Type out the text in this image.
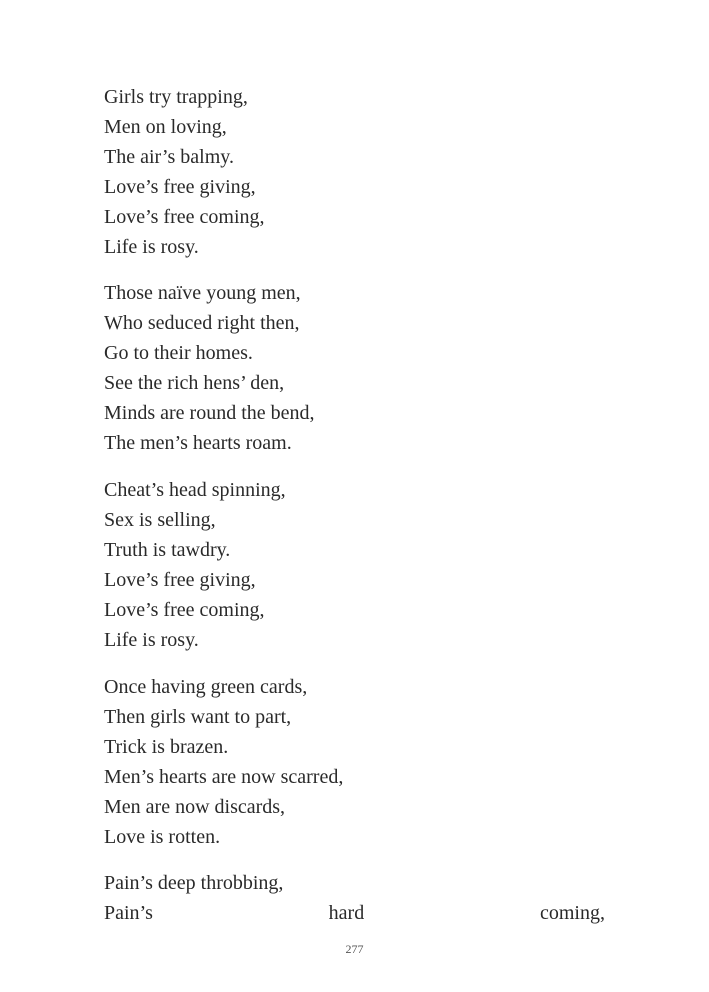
Girls try trapping,
Men on loving,
The air’s balmy.
Love’s free giving,
Love’s free coming,
Life is rosy.
Those naïve young men,
Who seduced right then,
Go to their homes.
See the rich hens’ den,
Minds are round the bend,
The men’s hearts roam.
Cheat’s head spinning,
Sex is selling,
Truth is tawdry.
Love’s free giving,
Love’s free coming,
Life is rosy.
Once having green cards,
Then girls want to part,
Trick is brazen.
Men’s hearts are now scarred,
Men are now discards,
Love is rotten.
Pain’s deep throbbing,
Pain’s	hard	coming,
277
